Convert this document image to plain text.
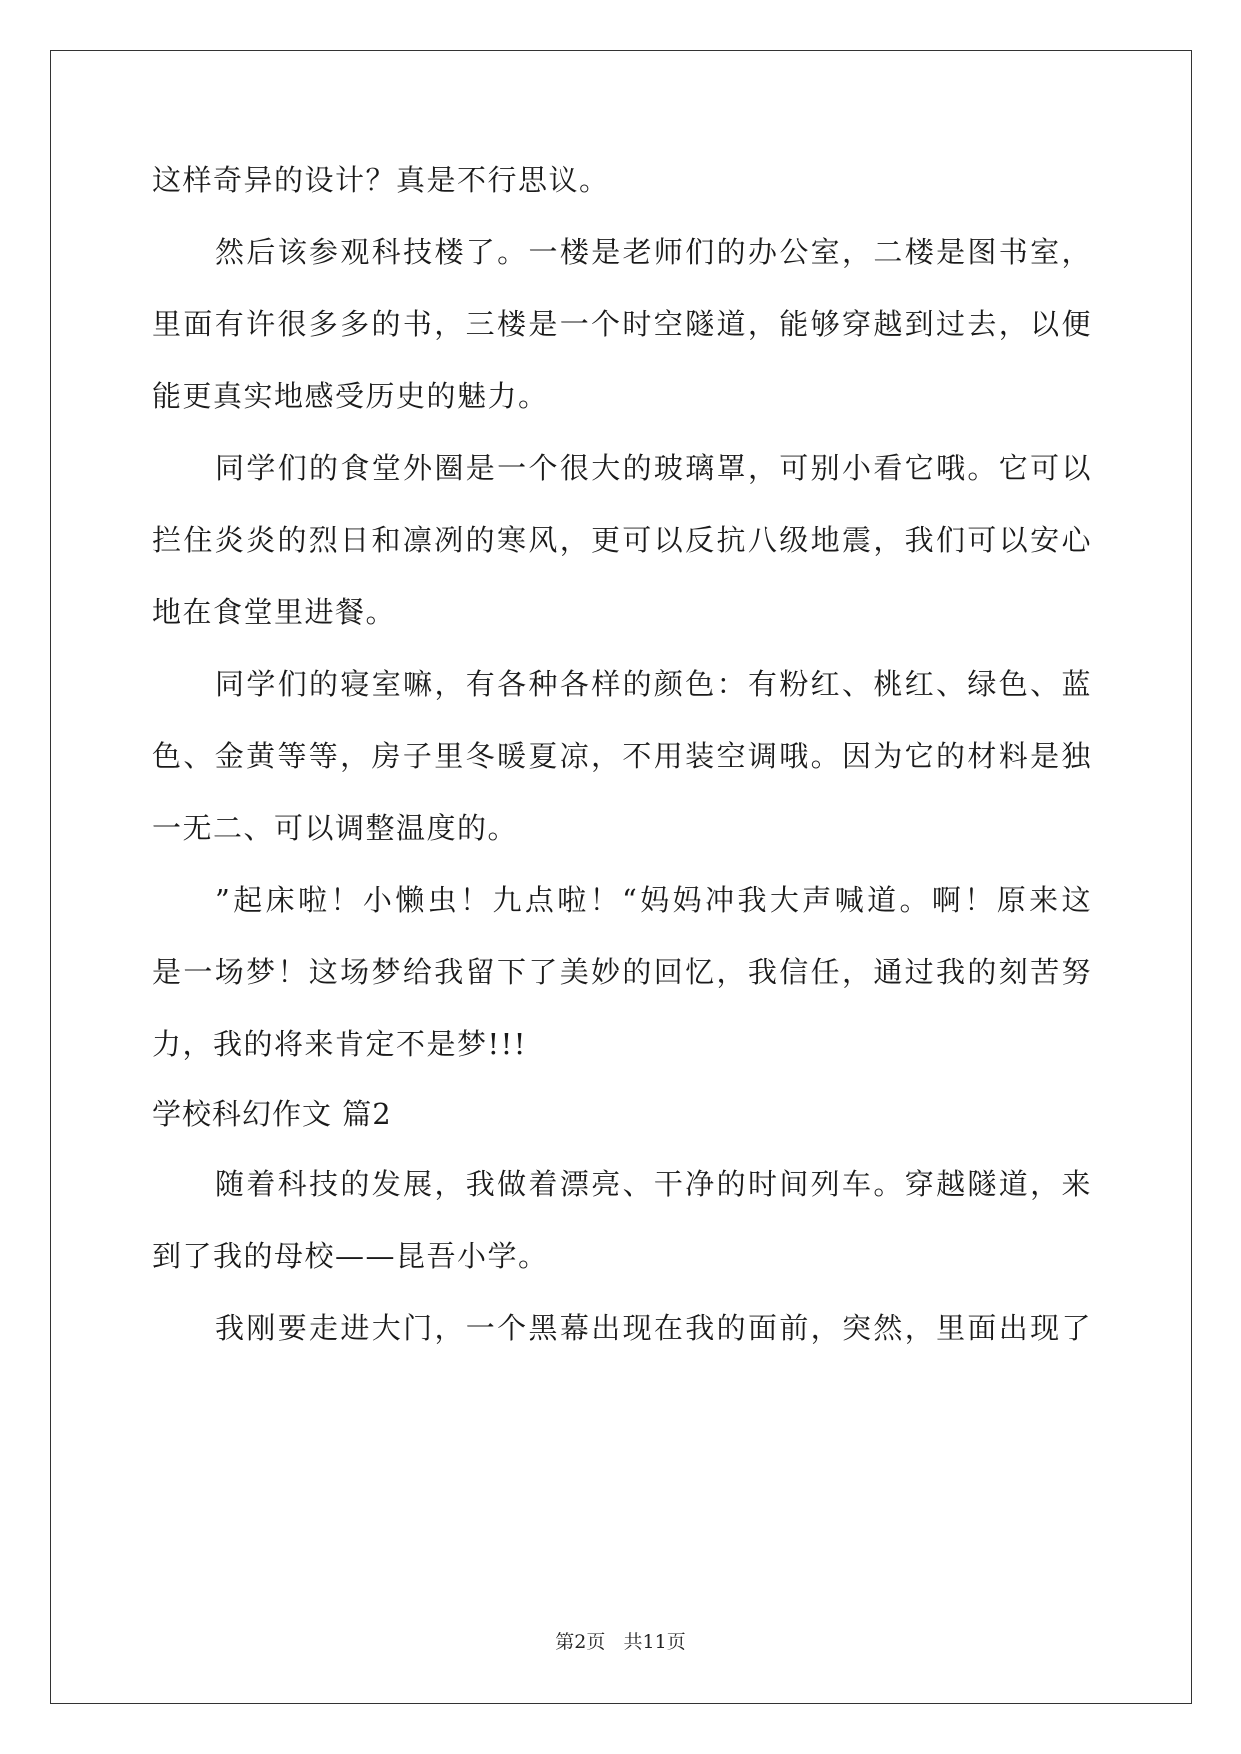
这样奇异的设计？真是不行思议。
然后该参观科技楼了。一楼是老师们的办公室，二楼是图书室，
里面有许很多多的书，三楼是一个时空隧道，能够穿越到过去，以便
能更真实地感受历史的魅力。
同学们的食堂外圈是一个很大的玻璃罩，可别小看它哦。它可以
拦住炎炎的烈日和凛冽的寒风，更可以反抗八级地震，我们可以安心
地在食堂里进餐。
同学们的寝室嘛，有各种各样的颜色：有粉红、桃红、绿色、蓝
色、金黄等等，房子里冬暖夏凉，不用装空调哦。因为它的材料是独
一无二、可以调整温度的。
”起床啦！小懒虫！九点啦！“妈妈冲我大声喊道。啊！原来这
是一场梦！这场梦给我留下了美妙的回忆，我信任，通过我的刻苦努
力，我的将来肯定不是梦!!!
学校科幻作文 篇2
随着科技的发展，我做着漂亮、干净的时间列车。穿越隧道，来
到了我的母校——昆吾小学。
我刚要走进大门，一个黑幕出现在我的面前，突然，里面出现了
第2页 共11页
